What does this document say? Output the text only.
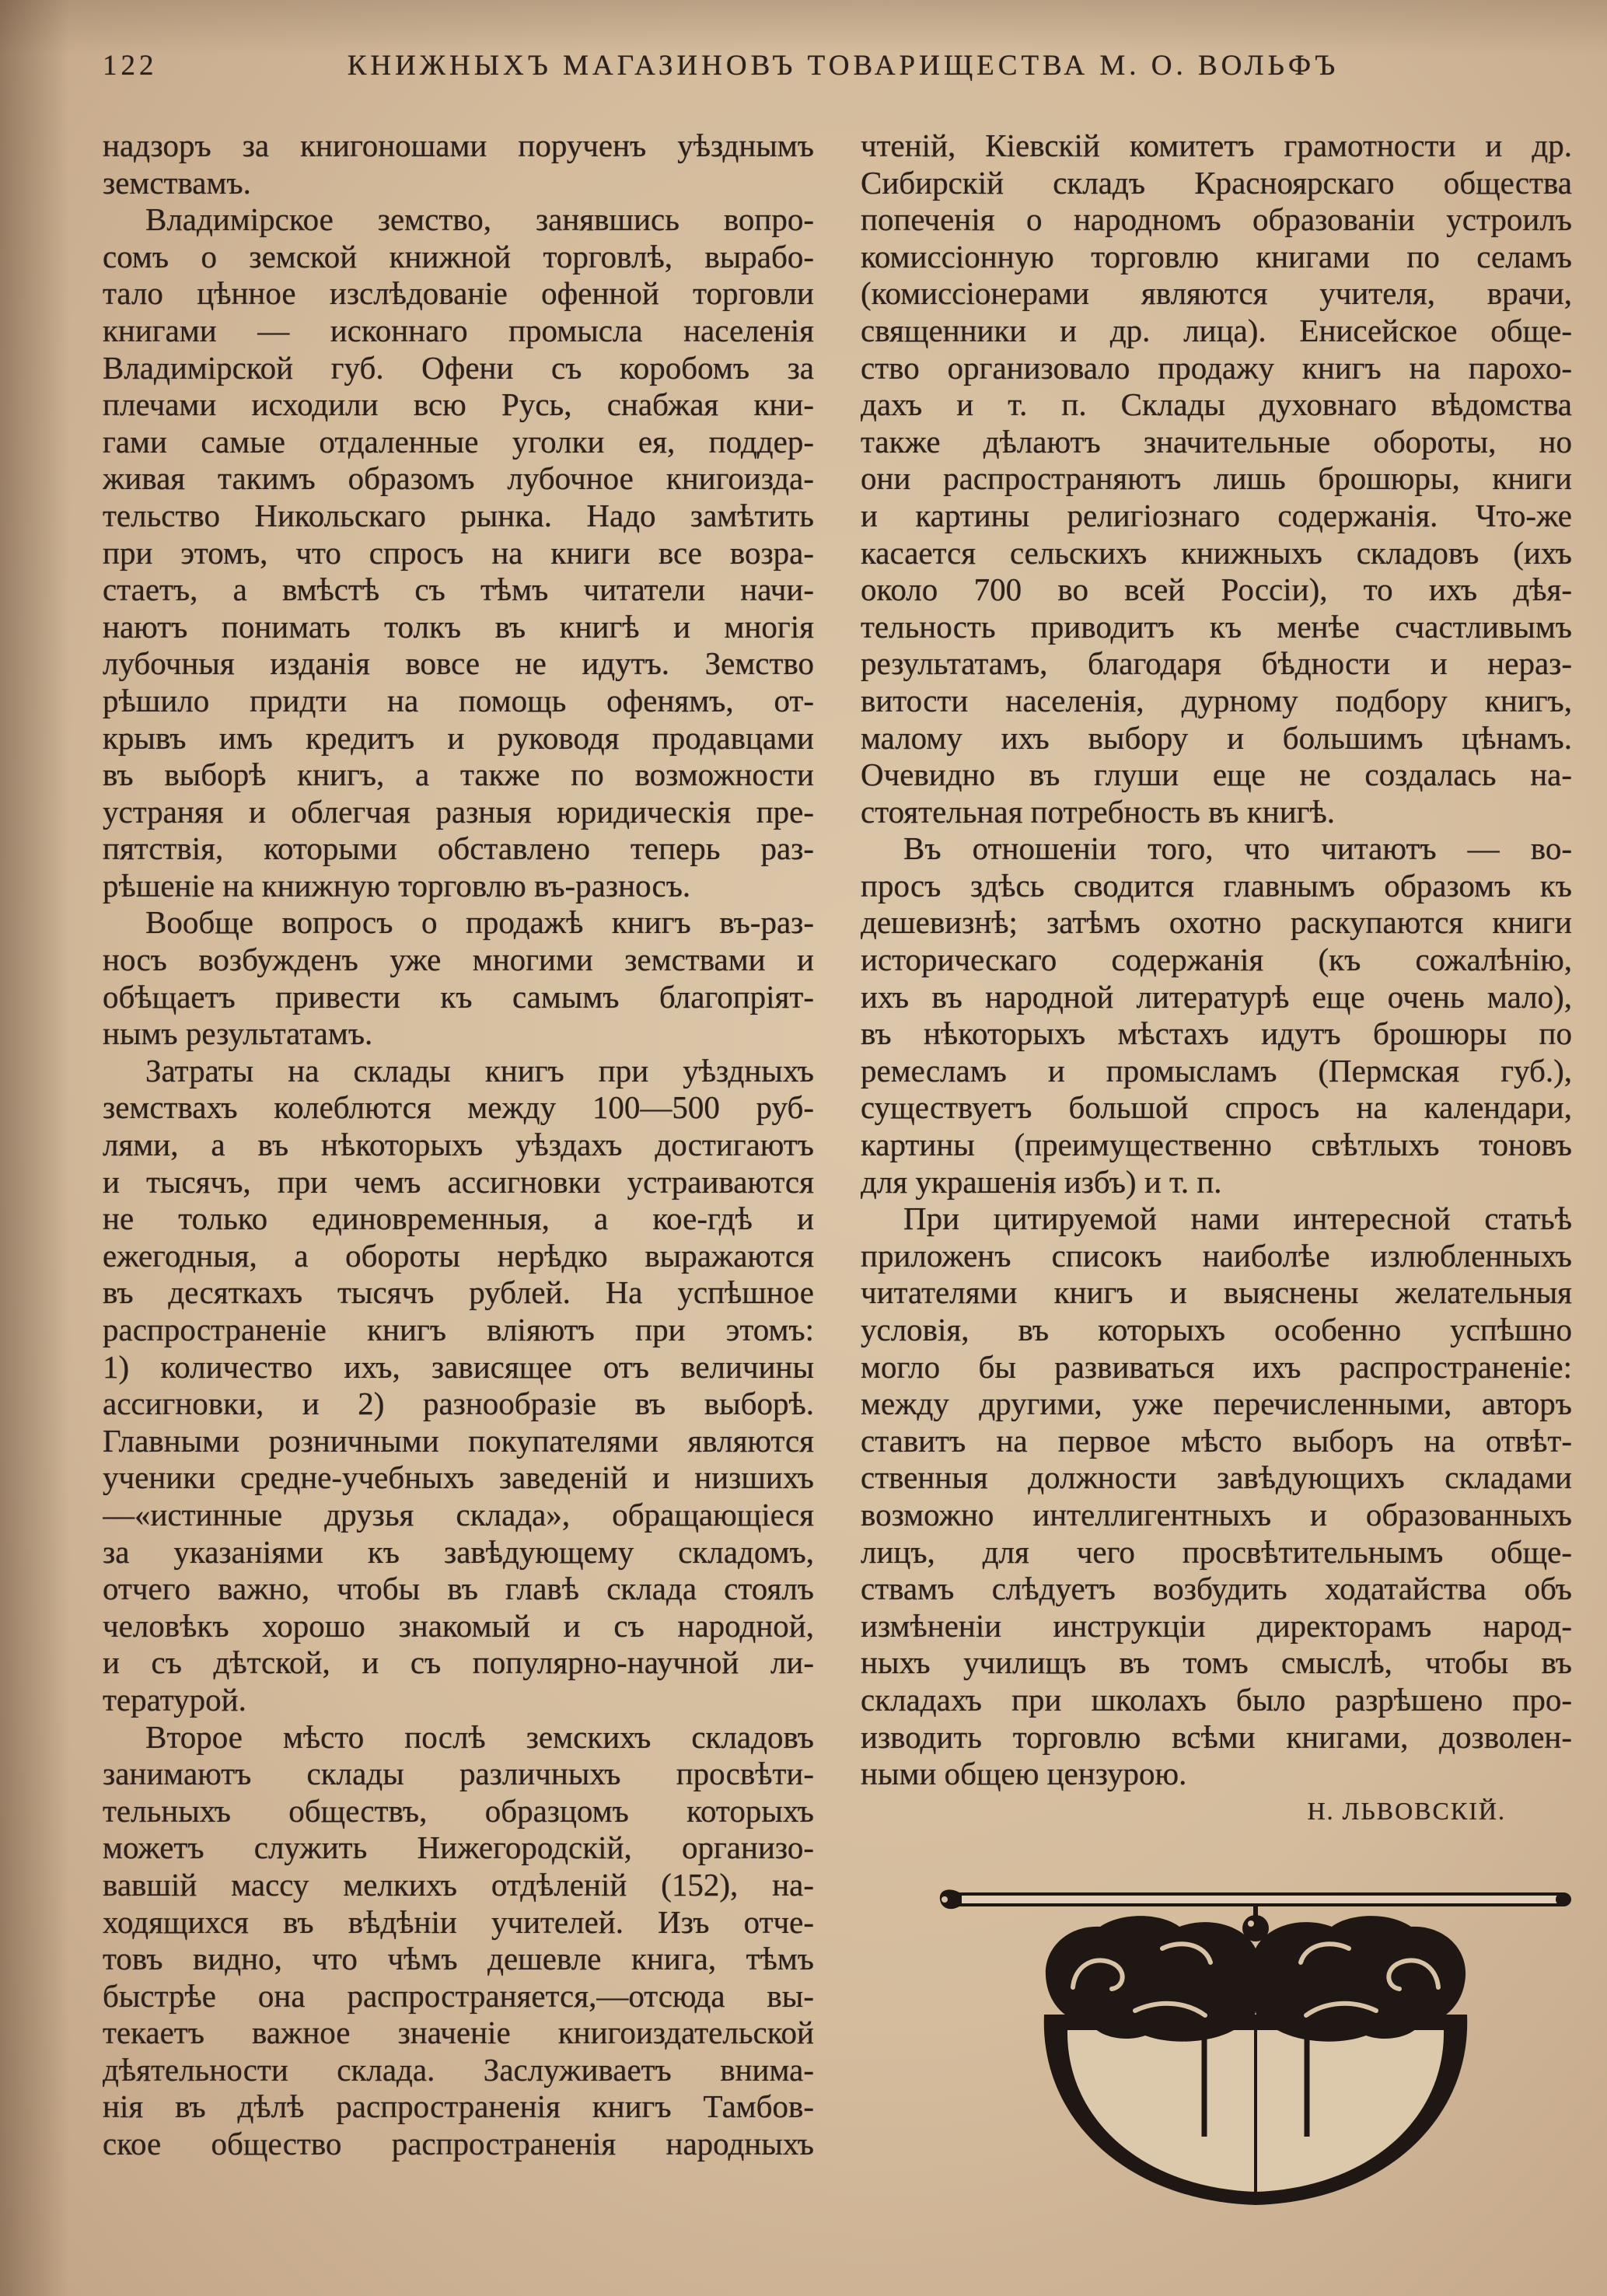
122	КНИЖНЫХЪ МАГАЗИНОВЪ ТОВАРИЩЕСТВА М. О. ВОЛЬФЪ
надзоръ за книгоношами порученъ уѣзднымъ
земствамъ.
Владимірское земство, занявшись вопро-
сомъ о земской книжной торговлѣ, вырабо-
тало цѣнное изслѣдованіе офенной торговли
книгами — исконнаго промысла населенія
Владимірской губ. Офени съ коробомъ за
плечами исходили всю Русь, снабжая кни-
гами самые отдаленные уголки ея, поддер-
живая такимъ образомъ лубочное книгоизда-
тельство Никольскаго рынка. Надо замѣтить
при этомъ, что спросъ на книги все возра-
стаетъ, а вмѣстѣ съ тѣмъ читатели начи-
наютъ понимать толкъ въ книгѣ и многія
лубочныя изданія вовсе не идутъ. Земство
рѣшило придти на помощь офенямъ, от-
крывъ имъ кредитъ и руководя продавцами
въ выборѣ книгъ, а также по возможности
устраняя и облегчая разныя юридическія пре-
пятствія, которыми обставлено теперь раз-
рѣшеніе на книжную торговлю въ-разносъ.
Вообще вопросъ о продажѣ книгъ въ-раз-
носъ возбужденъ уже многими земствами и
обѣщаетъ привести къ самымъ благопріят-
нымъ результатамъ.
Затраты на склады книгъ при уѣздныхъ
земствахъ колеблются между 100—500 руб-
лями, а въ нѣкоторыхъ уѣздахъ достигаютъ
и тысячъ, при чемъ ассигновки устраиваются
не только единовременныя, а кое-гдѣ и
ежегодныя, а обороты нерѣдко выражаются
въ десяткахъ тысячъ рублей. На успѣшное
распространеніе книгъ вліяютъ при этомъ:
1) количество ихъ, зависящее отъ величины
ассигновки, и 2) разнообразіе въ выборѣ.
Главными розничными покупателями являются
ученики средне-учебныхъ заведеній и низшихъ
—«истинные друзья склада», обращающіеся
за указаніями къ завѣдующему складомъ,
отчего важно, чтобы въ главѣ склада стоялъ
человѣкъ хорошо знакомый и съ народной,
и съ дѣтской, и съ популярно-научной ли-
тературой.
Второе мѣсто послѣ земскихъ складовъ
занимаютъ склады различныхъ просвѣти-
тельныхъ обществъ, образцомъ которыхъ
можетъ служить Нижегородскій, организо-
вавшій массу мелкихъ отдѣленій (152), на-
ходящихся въ вѣдѣніи учителей. Изъ отче-
товъ видно, что чѣмъ дешевле книга, тѣмъ
быстрѣе она распространяется,—отсюда вы-
текаетъ важное значеніе книгоиздательской
дѣятельности склада. Заслуживаетъ внима-
нія въ дѣлѣ распространенія книгъ Тамбов-
ское общество распространенія народныхъ
чтеній, Кіевскій комитетъ грамотности и др.
Сибирскій складъ Красноярскаго общества
попеченія о народномъ образованіи устроилъ
комиссіонную торговлю книгами по селамъ
(комиссіонерами являются учителя, врачи,
священники и др. лица). Енисейское обще-
ство организовало продажу книгъ на парохо-
дахъ и т. п. Склады духовнаго вѣдомства
также дѣлаютъ значительные обороты, но
они распространяютъ лишь брошюры, книги
и картины религіознаго содержанія. Что-же
касается сельскихъ книжныхъ складовъ (ихъ
около 700 во всей Россіи), то ихъ дѣя-
тельность приводитъ къ менѣе счастливымъ
результатамъ, благодаря бѣдности и нераз-
витости населенія, дурному подбору книгъ,
малому ихъ выбору и большимъ цѣнамъ.
Очевидно въ глуши еще не создалась на-
стоятельная потребность въ книгѣ.
Въ отношеніи того, что читаютъ — во-
просъ здѣсь сводится главнымъ образомъ къ
дешевизнѣ; затѣмъ охотно раскупаются книги
историческаго содержанія (къ сожалѣнію,
ихъ въ народной литературѣ еще очень мало),
въ нѣкоторыхъ мѣстахъ идутъ брошюры по
ремесламъ и промысламъ (Пермская губ.),
существуетъ большой спросъ на календари,
картины (преимущественно свѣтлыхъ тоновъ
для украшенія избъ) и т. п.
При цитируемой нами интересной статьѣ
приложенъ списокъ наиболѣе излюбленныхъ
читателями книгъ и выяснены желательныя
условія, въ которыхъ особенно успѣшно
могло бы развиваться ихъ распространеніе:
между другими, уже перечисленными, авторъ
ставитъ на первое мѣсто выборъ на отвѣт-
ственныя должности завѣдующихъ складами
возможно интеллигентныхъ и образованныхъ
лицъ, для чего просвѣтительнымъ обще-
ствамъ слѣдуетъ возбудить ходатайства объ
измѣненіи инструкціи директорамъ народ-
ныхъ училищъ въ томъ смыслѣ, чтобы въ
складахъ при школахъ было разрѣшено про-
изводить торговлю всѣми книгами, дозволен-
ными общею цензурою.
Н. ЛЬВОВСКІЙ.
